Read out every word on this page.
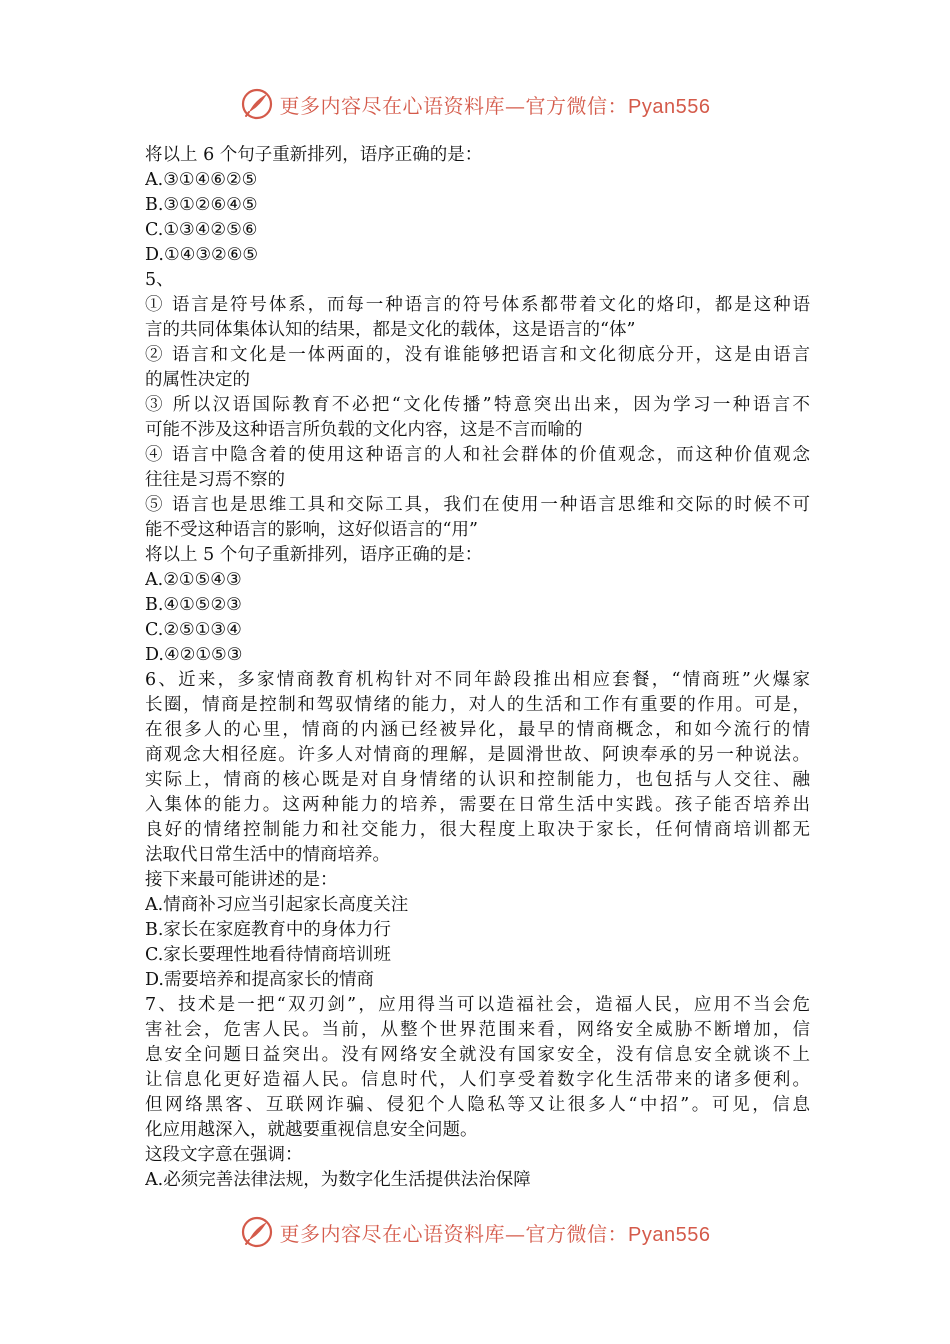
更多内容尽在心语资料库—官方微信：Pyan556
将以上 6 个句子重新排列，语序正确的是：
A.③①④⑥②⑤
B.③①②⑥④⑤
C.①③④②⑤⑥
D.①④③②⑥⑤
5、
① 语言是符号体系，而每一种语言的符号体系都带着文化的烙印，都是这种语
言的共同体集体认知的结果，都是文化的载体，这是语言的“体”
② 语言和文化是一体两面的，没有谁能够把语言和文化彻底分开，这是由语言
的属性决定的
③ 所以汉语国际教育不必把“文化传播”特意突出出来，因为学习一种语言不
可能不涉及这种语言所负载的文化内容，这是不言而喻的
④ 语言中隐含着的使用这种语言的人和社会群体的价值观念，而这种价值观念
往往是习焉不察的
⑤ 语言也是思维工具和交际工具，我们在使用一种语言思维和交际的时候不可
能不受这种语言的影响，这好似语言的“用”
将以上 5 个句子重新排列，语序正确的是：
A.②①⑤④③
B.④①⑤②③
C.②⑤①③④
D.④②①⑤③
6、近来，多家情商教育机构针对不同年龄段推出相应套餐，“情商班”火爆家
长圈，情商是控制和驾驭情绪的能力，对人的生活和工作有重要的作用。可是，
在很多人的心里，情商的内涵已经被异化，最早的情商概念，和如今流行的情
商观念大相径庭。许多人对情商的理解，是圆滑世故、阿谀奉承的另一种说法。
实际上，情商的核心既是对自身情绪的认识和控制能力，也包括与人交往、融
入集体的能力。这两种能力的培养，需要在日常生活中实践。孩子能否培养出
良好的情绪控制能力和社交能力，很大程度上取决于家长，任何情商培训都无
法取代日常生活中的情商培养。
接下来最可能讲述的是：
A.情商补习应当引起家长高度关注
B.家长在家庭教育中的身体力行
C.家长要理性地看待情商培训班
D.需要培养和提高家长的情商
7、技术是一把“双刃剑”，应用得当可以造福社会，造福人民，应用不当会危
害社会，危害人民。当前，从整个世界范围来看，网络安全威胁不断增加，信
息安全问题日益突出。没有网络安全就没有国家安全，没有信息安全就谈不上
让信息化更好造福人民。信息时代，人们享受着数字化生活带来的诸多便利。
但网络黑客、互联网诈骗、侵犯个人隐私等又让很多人“中招”。可见，信息
化应用越深入，就越要重视信息安全问题。
这段文字意在强调：
A.必须完善法律法规，为数字化生活提供法治保障
更多内容尽在心语资料库—官方微信：Pyan556
